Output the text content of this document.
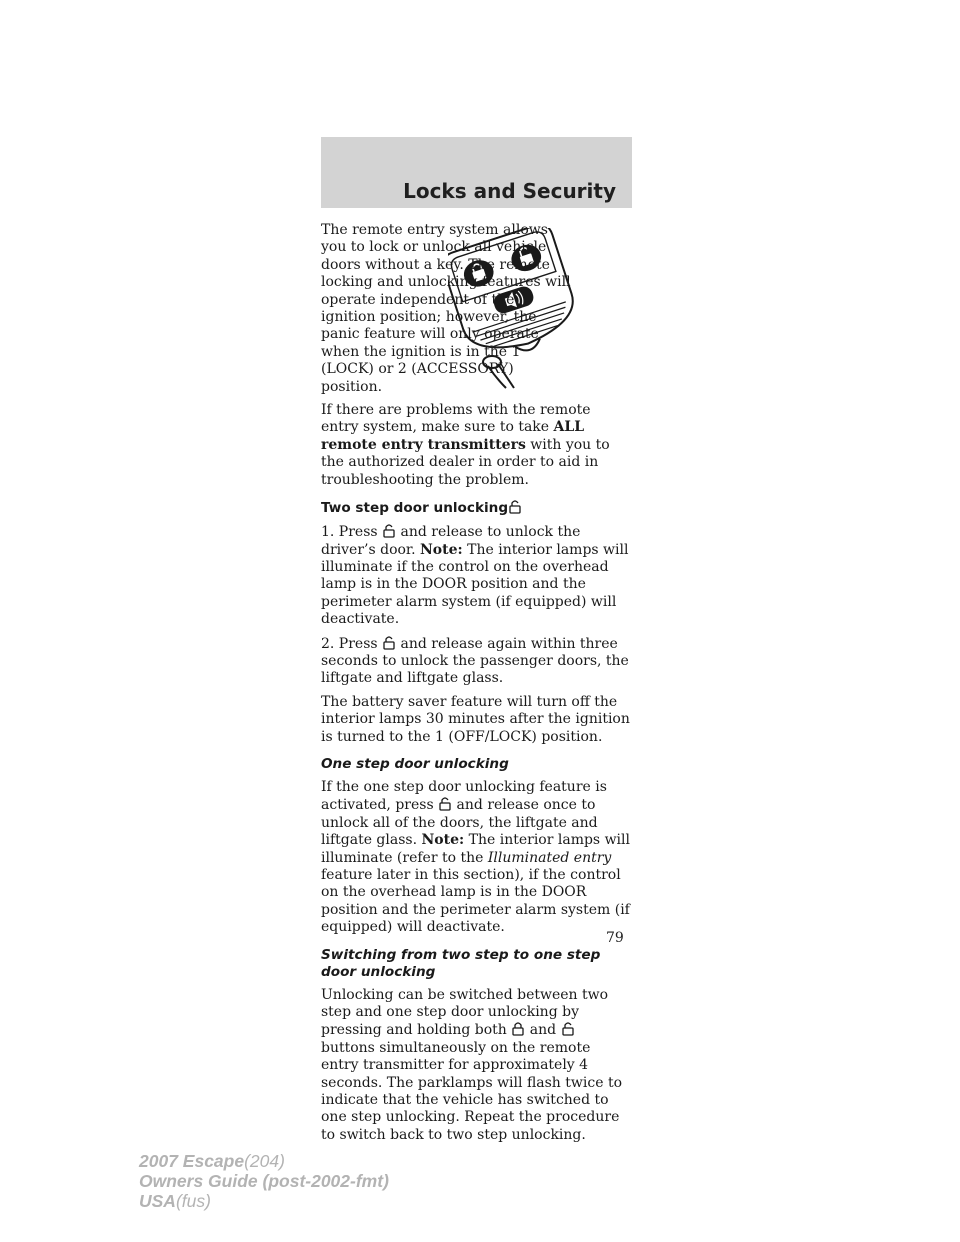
Locks and Security

The remote entry system allows you to lock or unlock all vehicle doors without a key. The remote locking and unlocking features will operate independent of the ignition position; however, the panic feature will only operate when the ignition is in the 1 (LOCK) or 2 (ACCESSORY) position.

If there are problems with the remote entry system, make sure to take ALL remote entry transmitters with you to the authorized dealer in order to aid in troubleshooting the problem.

Two step door unlocking

1. Press
and release to unlock the driver’s door. Note: The interior lamps will illuminate if the control on the overhead lamp is in the DOOR position and the perimeter alarm system (if equipped) will deactivate.

2. Press
and release again within three seconds to unlock the passenger doors, the liftgate and liftgate glass.

The battery saver feature will turn off the interior lamps 30 minutes after the ignition is turned to the 1 (OFF/LOCK) position.

One step door unlocking

If the one step door unlocking feature is activated, press
and release once to unlock all of the doors, the liftgate and liftgate glass. Note: The interior lamps will illuminate (refer to the Illuminated entry feature later in this section), if the control on the overhead lamp is in the DOOR position and the perimeter alarm system (if equipped) will deactivate.

Switching from two step to one step door unlocking

Unlocking can be switched between two step and one step door unlocking by pressing and holding both
and
buttons simultaneously on the remote entry transmitter for approximately 4 seconds. The parklamps will flash twice to indicate that the vehicle has switched to one step unlocking. Repeat the procedure to switch back to two step unlocking.

79
2007 Escape(204)
Owners Guide (post-2002-fmt)
USA(fus)
